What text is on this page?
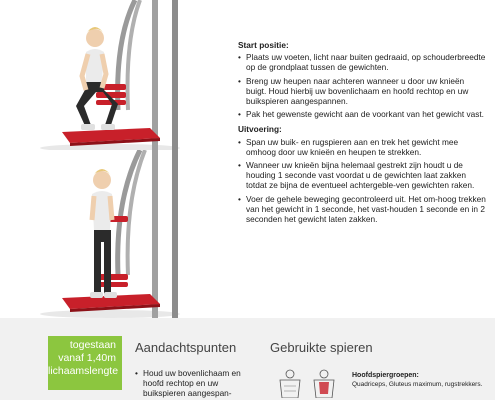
Start positie:
• Plaats uw voeten, licht naar buiten gedraaid, op schouderbreedte op de grondplaat tussen de gewichten.
• Breng uw heupen naar achteren wanneer u door uw knieën buigt. Houd hierbij uw bovenlichaam en hoofd rechtop en uw buikspieren aangespannen.
• Pak het gewenste gewicht aan de voorkant van het gewicht vast.
Uitvoering:
• Span uw buik- en rugspieren aan en trek het gewicht mee omhoog door uw knieën en heupen te strekken.
• Wanneer uw knieën bijna helemaal gestrekt zijn houdt u de houding 1 seconde vast voordat u de gewichten laat zakken totdat ze bijna de eventueel achtergeble-ven gewichten raken.
• Voer de gehele beweging gecontroleerd uit. Het om-hoog trekken van het gewicht in 1 seconde, het vast-houden 1 seconde en in 2 seconden het gewicht laten zakken.
togestaan
vanaf 1,40m
lichaamslengte
Aandachtspunten
• Houd uw bovenlichaam en hoofd rechtop en uw buikspieren aangespan-
Gebruikte spieren
Hoofdspiergroepen:
Quadriceps, Gluteus maximum, rugstrekkers.
